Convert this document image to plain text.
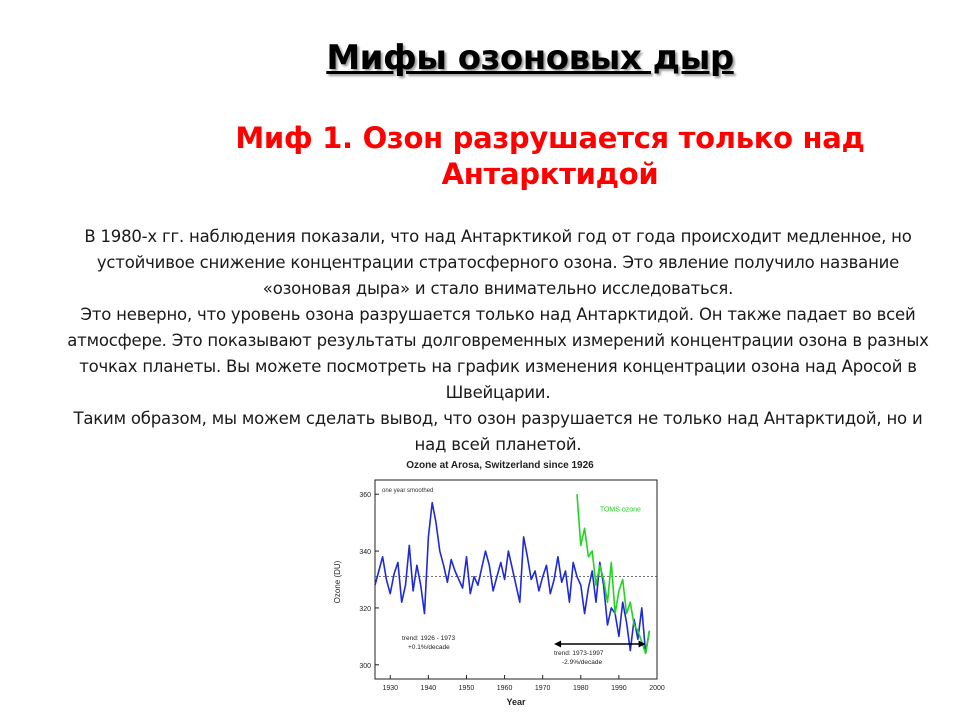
Мифы озоновых дыр
Миф 1. Озон разрушается только над
Антарктидой

В 1980-х гг. наблюдения показали, что над Антарктикой год от года происходит медленное, но устойчивое снижение концентрации стратосферного озона. Это явление получило название «озоновая дыра» и стало внимательно исследоваться.

Это неверно, что уровень озона разрушается только над Антарктидой. Он также падает во всей атмосфере. Это показывают результаты долговременных измерений концентрации озона в разных точках планеты. Вы можете посмотреть на график изменения концентрации озона над Аросой в Швейцарии.

Таким образом, мы можем сделать вывод, что озон разрушается не только над Антарктидой, но и над всей планетой.

Ozone at Arosa, Switzerland since 1926
one year smoothed
Ozone (DU)
Year
300
320
340
360
1930	1940	1950	1960	1970	1980	1990	2000
TOMS ozone
trend: 1926 - 1973
+0.1%/decade
trend: 1973-1997
-2.9%/decade
